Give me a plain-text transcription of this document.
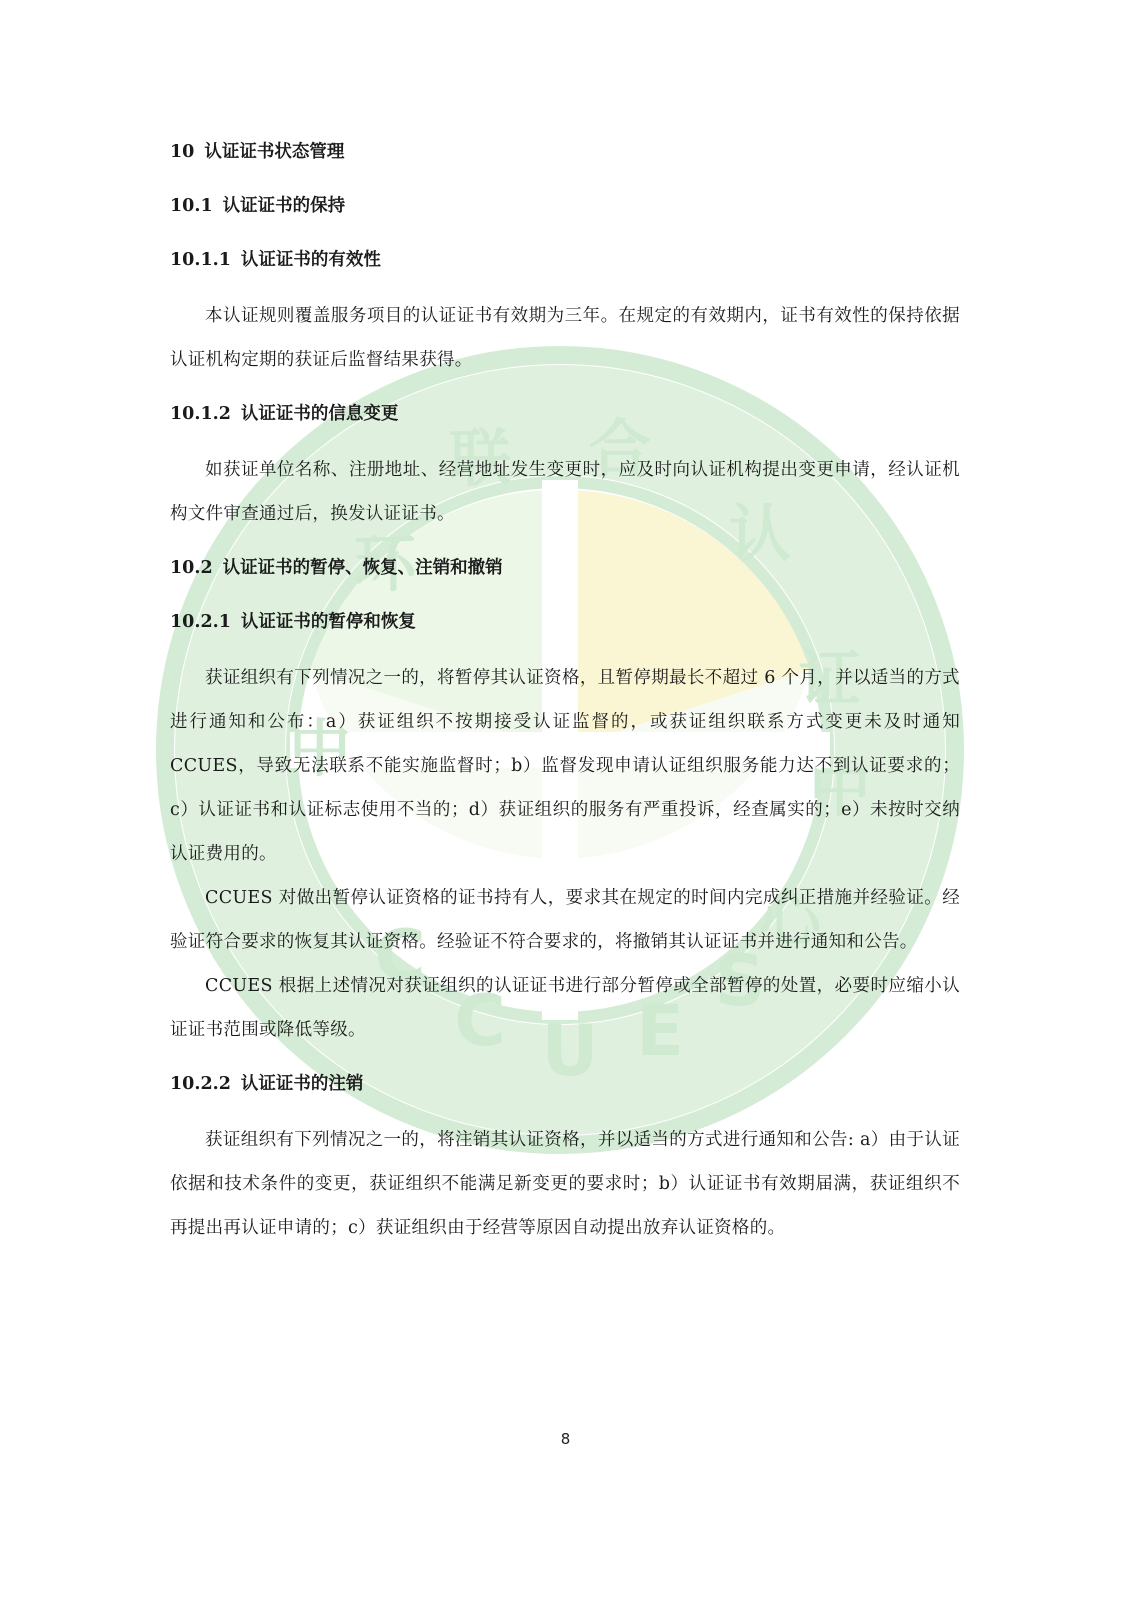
中
环
联 合
认
证
中
心
C
C U E
S
10 认证证书状态管理
10.1 认证证书的保持
10.1.1 认证证书的有效性

本认证规则覆盖服务项目的认证证书有效期为三年。在规定的有效期内，证书有效性的保持依据认证机构定期的获证后监督结果获得。

10.1.2 认证证书的信息变更

如获证单位名称、注册地址、经营地址发生变更时，应及时向认证机构提出变更申请，经认证机构文件审查通过后，换发认证证书。

10.2 认证证书的暂停、恢复、注销和撤销
10.2.1 认证证书的暂停和恢复

获证组织有下列情况之一的，将暂停其认证资格，且暂停期最长不超过 6 个月，并以适当的方式进行通知和公布：a）获证组织不按期接受认证监督的，或获证组织联系方式变更未及时通知 CCUES，导致无法联系不能实施监督时；b）监督发现申请认证组织服务能力达不到认证要求的；c）认证证书和认证标志使用不当的；d）获证组织的服务有严重投诉，经查属实的；e）未按时交纳认证费用的。

CCUES 对做出暂停认证资格的证书持有人，要求其在规定的时间内完成纠正措施并经验证。经验证符合要求的恢复其认证资格。经验证不符合要求的，将撤销其认证证书并进行通知和公告。

CCUES 根据上述情况对获证组织的认证证书进行部分暂停或全部暂停的处置，必要时应缩小认证证书范围或降低等级。

10.2.2 认证证书的注销

获证组织有下列情况之一的，将注销其认证资格，并以适当的方式进行通知和公告: a）由于认证依据和技术条件的变更，获证组织不能满足新变更的要求时；b）认证证书有效期届满，获证组织不再提出再认证申请的；c）获证组织由于经营等原因自动提出放弃认证资格的。

8
